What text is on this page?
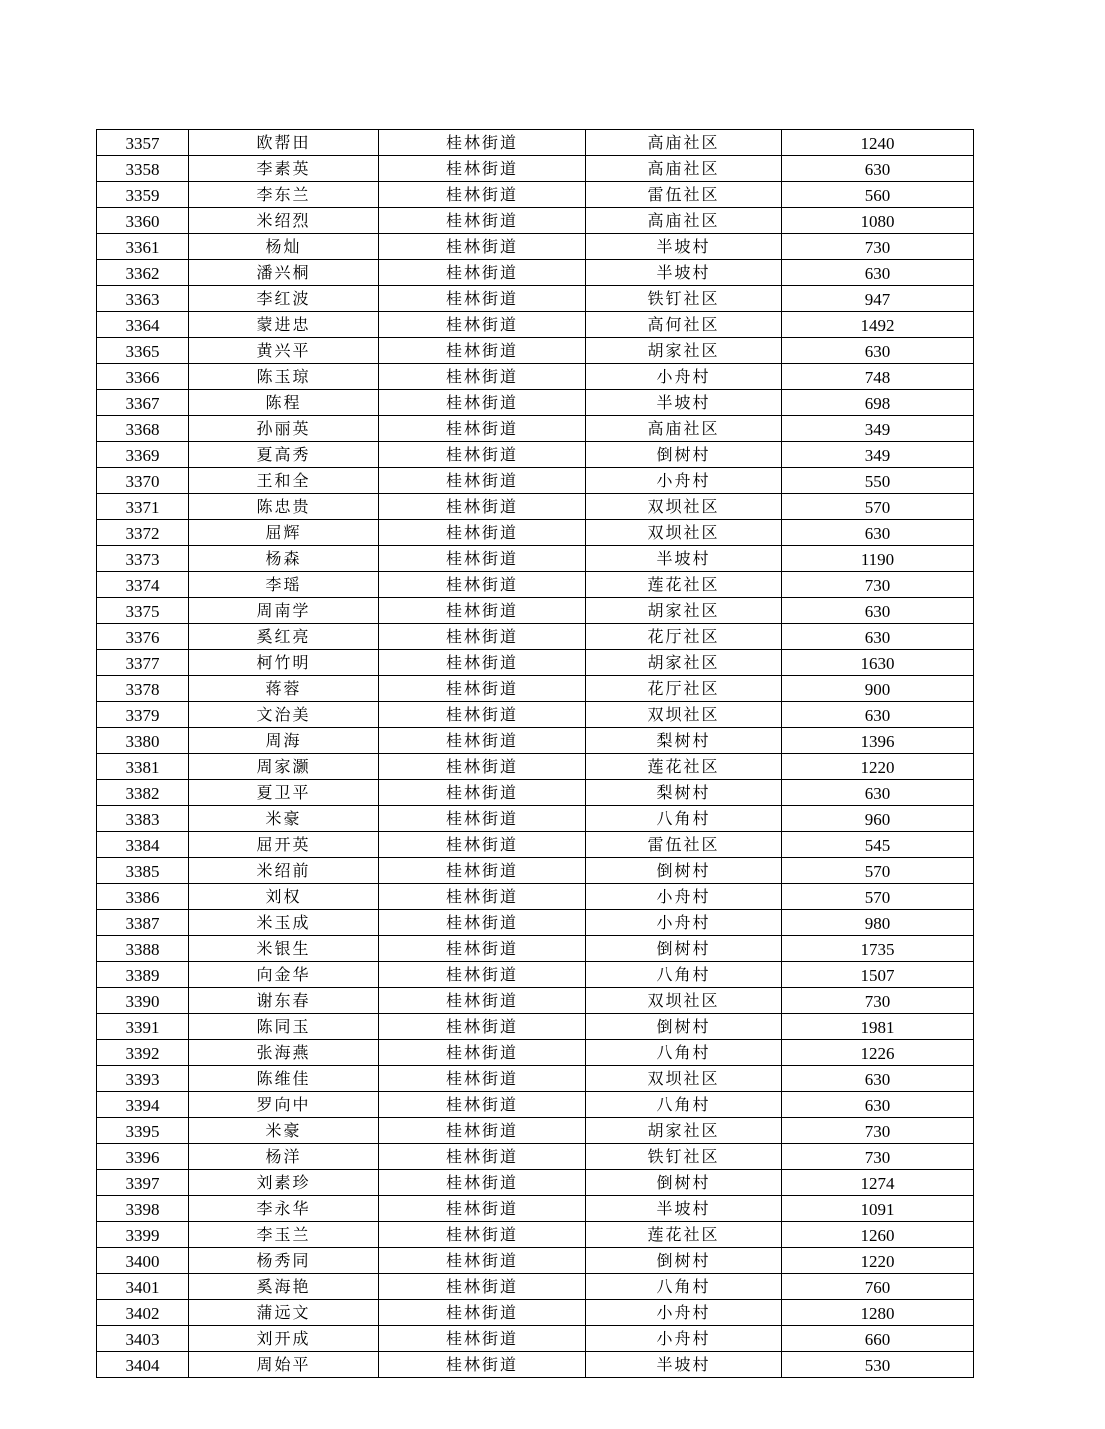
3357	欧帮田	桂林街道	高庙社区	1240
3358	李素英	桂林街道	高庙社区	630
3359	李东兰	桂林街道	雷伍社区	560
3360	米绍烈	桂林街道	高庙社区	1080
3361	杨灿	桂林街道	半坡村	730
3362	潘兴桐	桂林街道	半坡村	630
3363	李红波	桂林街道	铁钉社区	947
3364	蒙进忠	桂林街道	高何社区	1492
3365	黄兴平	桂林街道	胡家社区	630
3366	陈玉琼	桂林街道	小舟村	748
3367	陈程	桂林街道	半坡村	698
3368	孙丽英	桂林街道	高庙社区	349
3369	夏高秀	桂林街道	倒树村	349
3370	王和全	桂林街道	小舟村	550
3371	陈忠贵	桂林街道	双坝社区	570
3372	屈辉	桂林街道	双坝社区	630
3373	杨森	桂林街道	半坡村	1190
3374	李瑶	桂林街道	莲花社区	730
3375	周南学	桂林街道	胡家社区	630
3376	奚红亮	桂林街道	花厅社区	630
3377	柯竹明	桂林街道	胡家社区	1630
3378	蒋蓉	桂林街道	花厅社区	900
3379	文治美	桂林街道	双坝社区	630
3380	周海	桂林街道	梨树村	1396
3381	周家灏	桂林街道	莲花社区	1220
3382	夏卫平	桂林街道	梨树村	630
3383	米豪	桂林街道	八角村	960
3384	屈开英	桂林街道	雷伍社区	545
3385	米绍前	桂林街道	倒树村	570
3386	刘权	桂林街道	小舟村	570
3387	米玉成	桂林街道	小舟村	980
3388	米银生	桂林街道	倒树村	1735
3389	向金华	桂林街道	八角村	1507
3390	谢东春	桂林街道	双坝社区	730
3391	陈同玉	桂林街道	倒树村	1981
3392	张海燕	桂林街道	八角村	1226
3393	陈维佳	桂林街道	双坝社区	630
3394	罗向中	桂林街道	八角村	630
3395	米豪	桂林街道	胡家社区	730
3396	杨洋	桂林街道	铁钉社区	730
3397	刘素珍	桂林街道	倒树村	1274
3398	李永华	桂林街道	半坡村	1091
3399	李玉兰	桂林街道	莲花社区	1260
3400	杨秀同	桂林街道	倒树村	1220
3401	奚海艳	桂林街道	八角村	760
3402	蒲远文	桂林街道	小舟村	1280
3403	刘开成	桂林街道	小舟村	660
3404	周始平	桂林街道	半坡村	530
